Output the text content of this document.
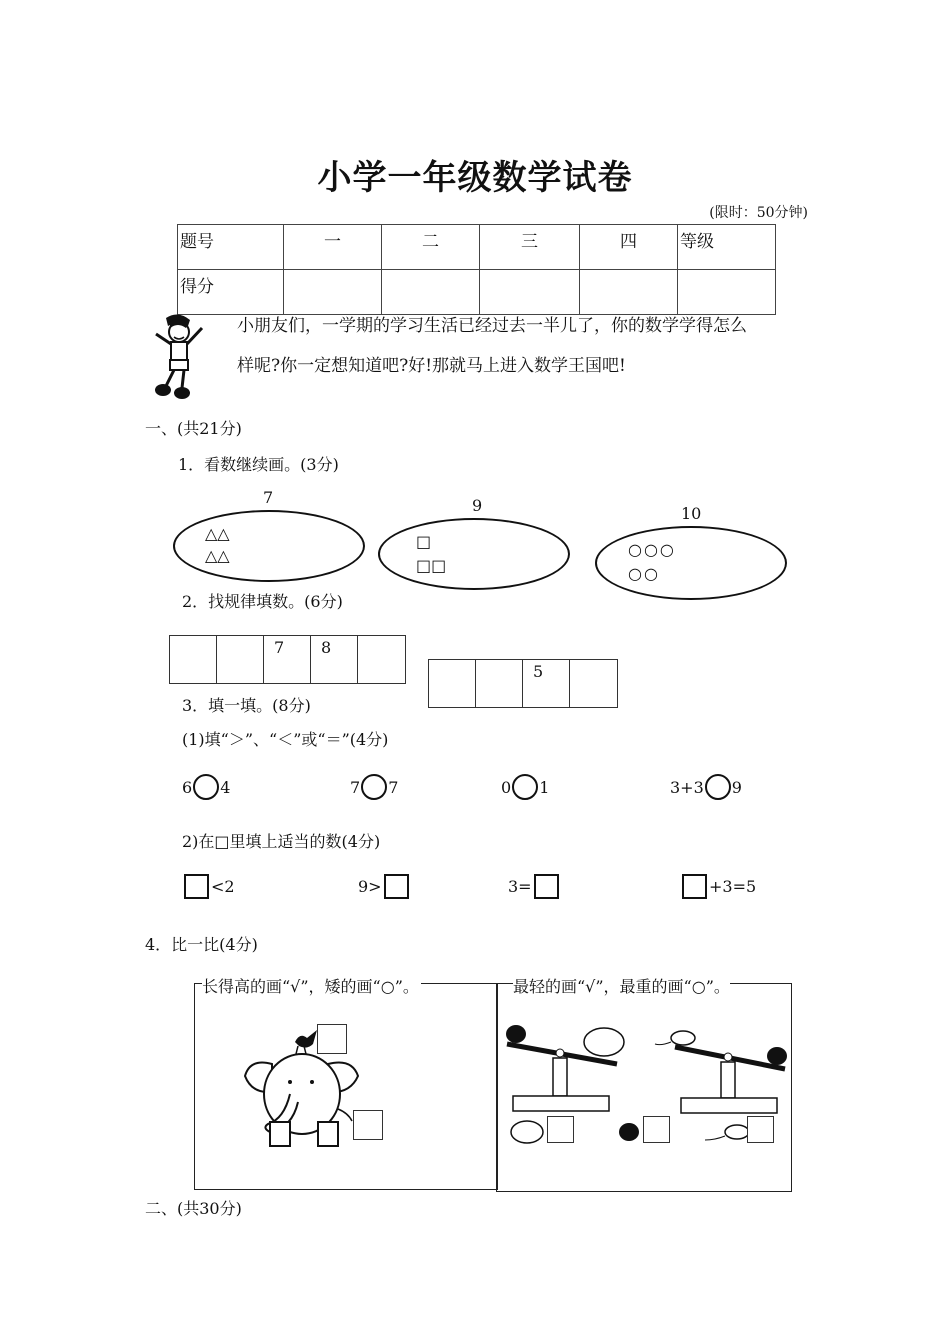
小学一年级数学试卷
(限时：50分钟)
题号	一	二	三	四	等级
得分					
小朋友们，一学期的学习生活已经过去一半儿了，你的数学学得怎么
样呢?你一定想知道吧?好!那就马上进入数学王国吧!
一、(共21分)
1．看数继续画。(3分)
7
△△
△△
9
□
□□
10
○○○
○○
2．找规律填数。(6分)
7	8
5
3．填一填。(8分)
(1)填“＞”、“＜”或“＝”(4分)
6 4	7 7	0 1	3+3 9
2)在□里填上适当的数(4分)
<2	9>	3=	+3=5
4．比一比(4分)
长得高的画“√”，矮的画“○”。	最轻的画“√”，最重的画“○”。
二、(共30分)
